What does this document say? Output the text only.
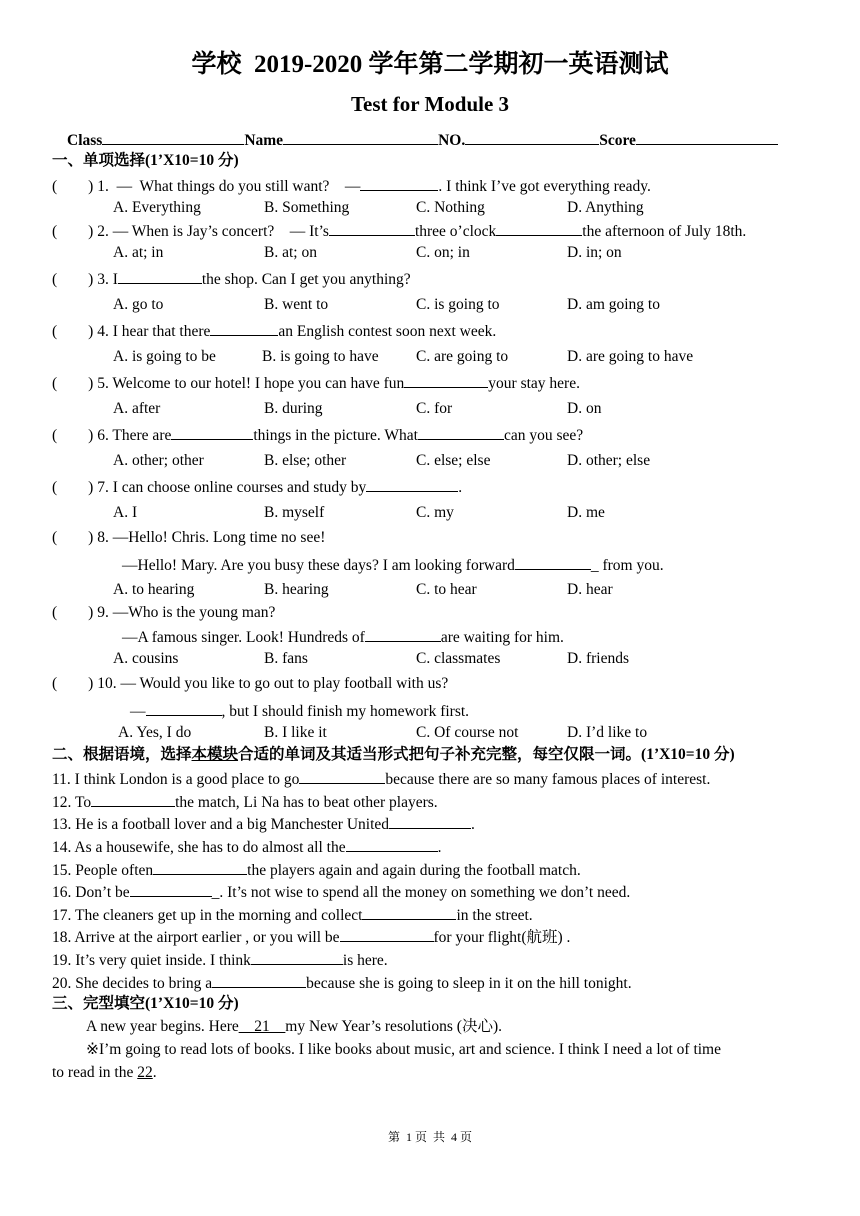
学校  2019-2020 学年第二学期初一英语测试
Test for Module 3
Class	Name	NO.	Score
一、单项选择(1’X10=10 分)
(        ) 1.  —  What things do you still want?    —	. I think I’ve got everything ready.
A. Everything	B. Something	C. Nothing	D. Anything
(        ) 2. — When is Jay’s concert?    — It’s	three o’clock	the afternoon of July 18th.
A. at; in	B. at; on	C. on; in	D. in; on
(        ) 3. I	the shop. Can I get you anything?
A. go to	B. went to	C. is going to	D. am going to
(        ) 4. I hear that there	an English contest soon next week.
A. is going to be	B. is going to have C. are going to	D. are going to have
(        ) 5. Welcome to our hotel! I hope you can have fun	your stay here.
A. after	B. during	C. for	D. on
(        ) 6. There are	things in the picture. What	can you see?
A. other; other	B. else; other	C. else; else	D. other; else
(        ) 7. I can choose online courses and study by	.
A. I	B. myself	C. my	D. me
(        ) 8. —Hello! Chris. Long time no see!
—Hello! Mary. Are you busy these days? I am looking forward	_ from you.
A. to hearing	B. hearing	C. to hear	D. hear
(        ) 9. —Who is the young man?
—A famous singer. Look! Hundreds of	are waiting for him.
A. cousins	B. fans	C. classmates	D. friends
(        ) 10. — Would you like to go out to play football with us?
—	, but I should finish my homework first.
A. Yes, I do	B. I like it	C. Of course not	D. I’d like to
二、根据语境，选择本模块合适的单词及其适当形式把句子补充完整，每空仅限一词。(1’X10=10 分)
11. I think London is a good place to go	because there are so many famous places of interest.
12. To	the match, Li Na has to beat other players.
13. He is a football lover and a big Manchester United	.
14. As a housewife, she has to do almost all the	.
15. People often	the players again and again during the football match.
16. Don’t be	_. It’s not wise to spend all the money on something we don’t need.
17. The cleaners get up in the morning and collect	in the street.
18. Arrive at the airport earlier , or you will be	for your flight(航班) .
19. It’s very quiet inside. I think	is here.
20. She decides to bring a	because she is going to sleep in it on the hill tonight.
三、完型填空(1’X10=10 分)
A new year begins. Here__21__my New Year’s resolutions (决心).
※I’m going to read lots of books. I like books about music, art and science. I think I need a lot of time
to read in the 22.
第  1 页  共  4 页
